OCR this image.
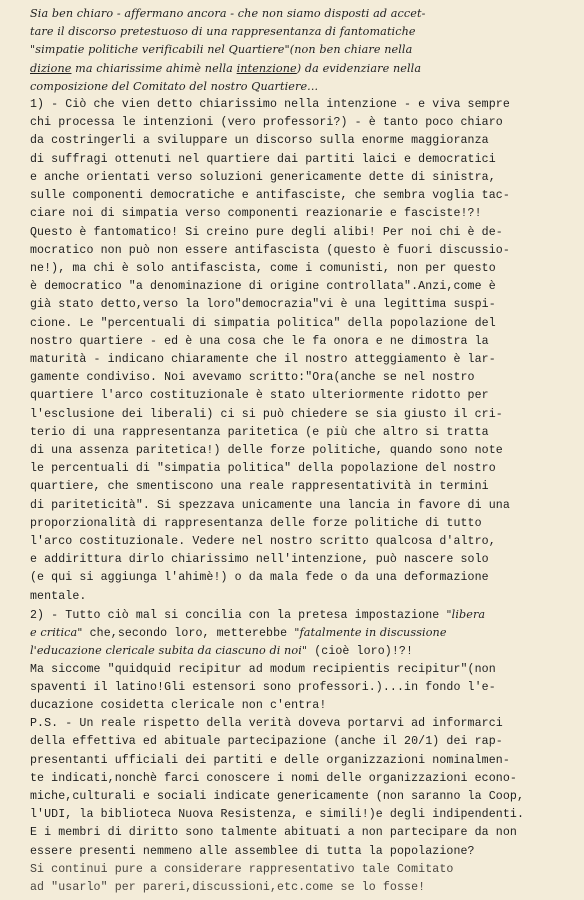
Sia ben chiaro - affermano ancora - che non siamo disposti ad accet-
tare il discorso pretestuoso di una rappresentanza di fantomatiche
"simpatie politiche verificabili nel Quartiere"(non ben chiare nella
dizione ma chiarissime ahimè nella intenzione) da evidenziare nella
composizione del Comitato del nostro Quartiere...
1) - Ciò che vien detto chiarissimo nella intenzione - e viva sempre
chi processa le intenzioni (vero professori?) - è tanto poco chiaro
da costringerli a sviluppare un discorso sulla enorme maggioranza
di suffragi ottenuti nel quartiere dai partiti laici e democratici
e anche orientati verso soluzioni genericamente dette di sinistra,
sulle componenti democratiche e antifasciste, che sembra voglia tac-
ciare noi di simpatia verso componenti reazionarie e fasciste!?!
Questo è fantomatico! Si creino pure degli alibi! Per noi chi è de-
mocratico non può non essere antifascista (questo è fuori discussio-
ne!), ma chi è solo antifascista, come i comunisti, non per questo
è democratico "a denominazione di origine controllata".Anzi,come è
già stato detto,verso la loro"democrazia"vi è una legittima suspi-
cione. Le "percentuali di simpatia politica" della popolazione del
nostro quartiere - ed è una cosa che le fa onora e ne dimostra la
maturità - indicano chiaramente che il nostro atteggiamento è lar-
gamente condiviso. Noi avevamo scritto:"Ora(anche se nel nostro
quartiere l'arco costituzionale è stato ulteriormente ridotto per
l'esclusione dei liberali) ci si può chiedere se sia giusto il cri-
terio di una rappresentanza paritetica (e più che altro si tratta
di una assenza paritetica!) delle forze politiche, quando sono note
le percentuali di "simpatia politica" della popolazione del nostro
quartiere, che smentiscono una reale rappresentatività in termini
di pariteticità". Si spezzava unicamente una lancia in favore di una
proporzionalità di rappresentanza delle forze politiche di tutto
l'arco costituzionale. Vedere nel nostro scritto qualcosa d'altro,
e addirittura dirlo chiarissimo nell'intenzione, può nascere solo
(e qui si aggiunga l'ahimè!) o da mala fede o da una deformazione
mentale.
2) - Tutto ciò mal si concilia con la pretesa impostazione "libera
e critica" che,secondo loro, metterebbe "fatalmente in discussione
l'educazione clericale subita da ciascuno di noi" (cioè loro)!?!
Ma siccome "quidquid recipitur ad modum recipientis recipitur"(non
spaventi il latino!Gli estensori sono professori.)...in fondo l'e-
ducazione cosidetta clericale non c'entra!
P.S. - Un reale rispetto della verità doveva portarvi ad informarci
della effettiva ed abituale partecipazione (anche il 20/1) dei rap-
presentanti ufficiali dei partiti e delle organizzazioni nominalmen-
te indicati,nonchè farci conoscere i nomi delle organizzazioni econo-
miche,culturali e sociali indicate genericamente (non saranno la Coop,
l'UDI, la biblioteca Nuova Resistenza, e simili!)e degli indipendenti.
E i membri di diritto sono talmente abituati a non partecipare da non
essere presenti nemmeno alle assemblee di tutta la popolazione?
Si continui pure a considerare rappresentativo tale Comitato
ad "usarlo" per pareri,discussioni,etc.come se lo fosse!
